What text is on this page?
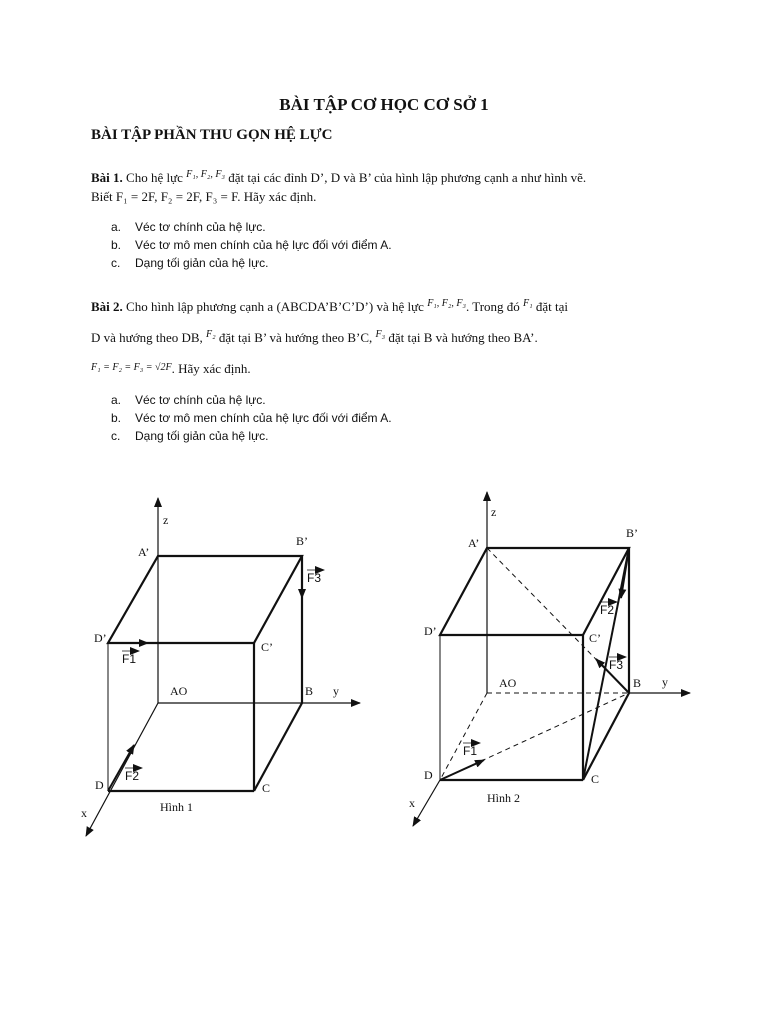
BÀI TẬP CƠ HỌC CƠ SỞ 1
BÀI TẬP PHẦN THU GỌN HỆ LỰC
Bài 1. Cho hệ lực $^{F_1, F_2, F_3}$ đặt tại các đỉnh D’, D và B’ của hình lập phương cạnh a như hình vẽ.
Biết F₁ = 2F, F₂ = 2F, F₃ = F. Hãy xác định.
a. Véc tơ chính của hệ lực.
b. Véc tơ mô men chính của hệ lực đối với điểm A.
c. Dạng tối giản của hệ lực.
Bài 2. Cho hình lập phương cạnh a (ABCDA’B’C’D’) và hệ lực $^{F_1, F_2, F_3}$. Trong đó $^{F_1}$ đặt tại
D và hướng theo DB, $^{F_2}$ đặt tại B’ và hướng theo B’C, $^{F_3}$ đặt tại B và hướng theo BA’.
$^{F_1 = F_2 = F_3 = √2F}$. Hãy xác định.
a. Véc tơ chính của hệ lực.
b. Véc tơ mô men chính của hệ lực đối với điểm A.
c. Dạng tối giản của hệ lực.
z
y
x
A’
B’
C’
D’
AO	B
C
D
Hình 1
F1
F2
F3
z
y
x
A’
B’
C’
D’
AO	B
C
D
Hình 2
F1
F2
F3
